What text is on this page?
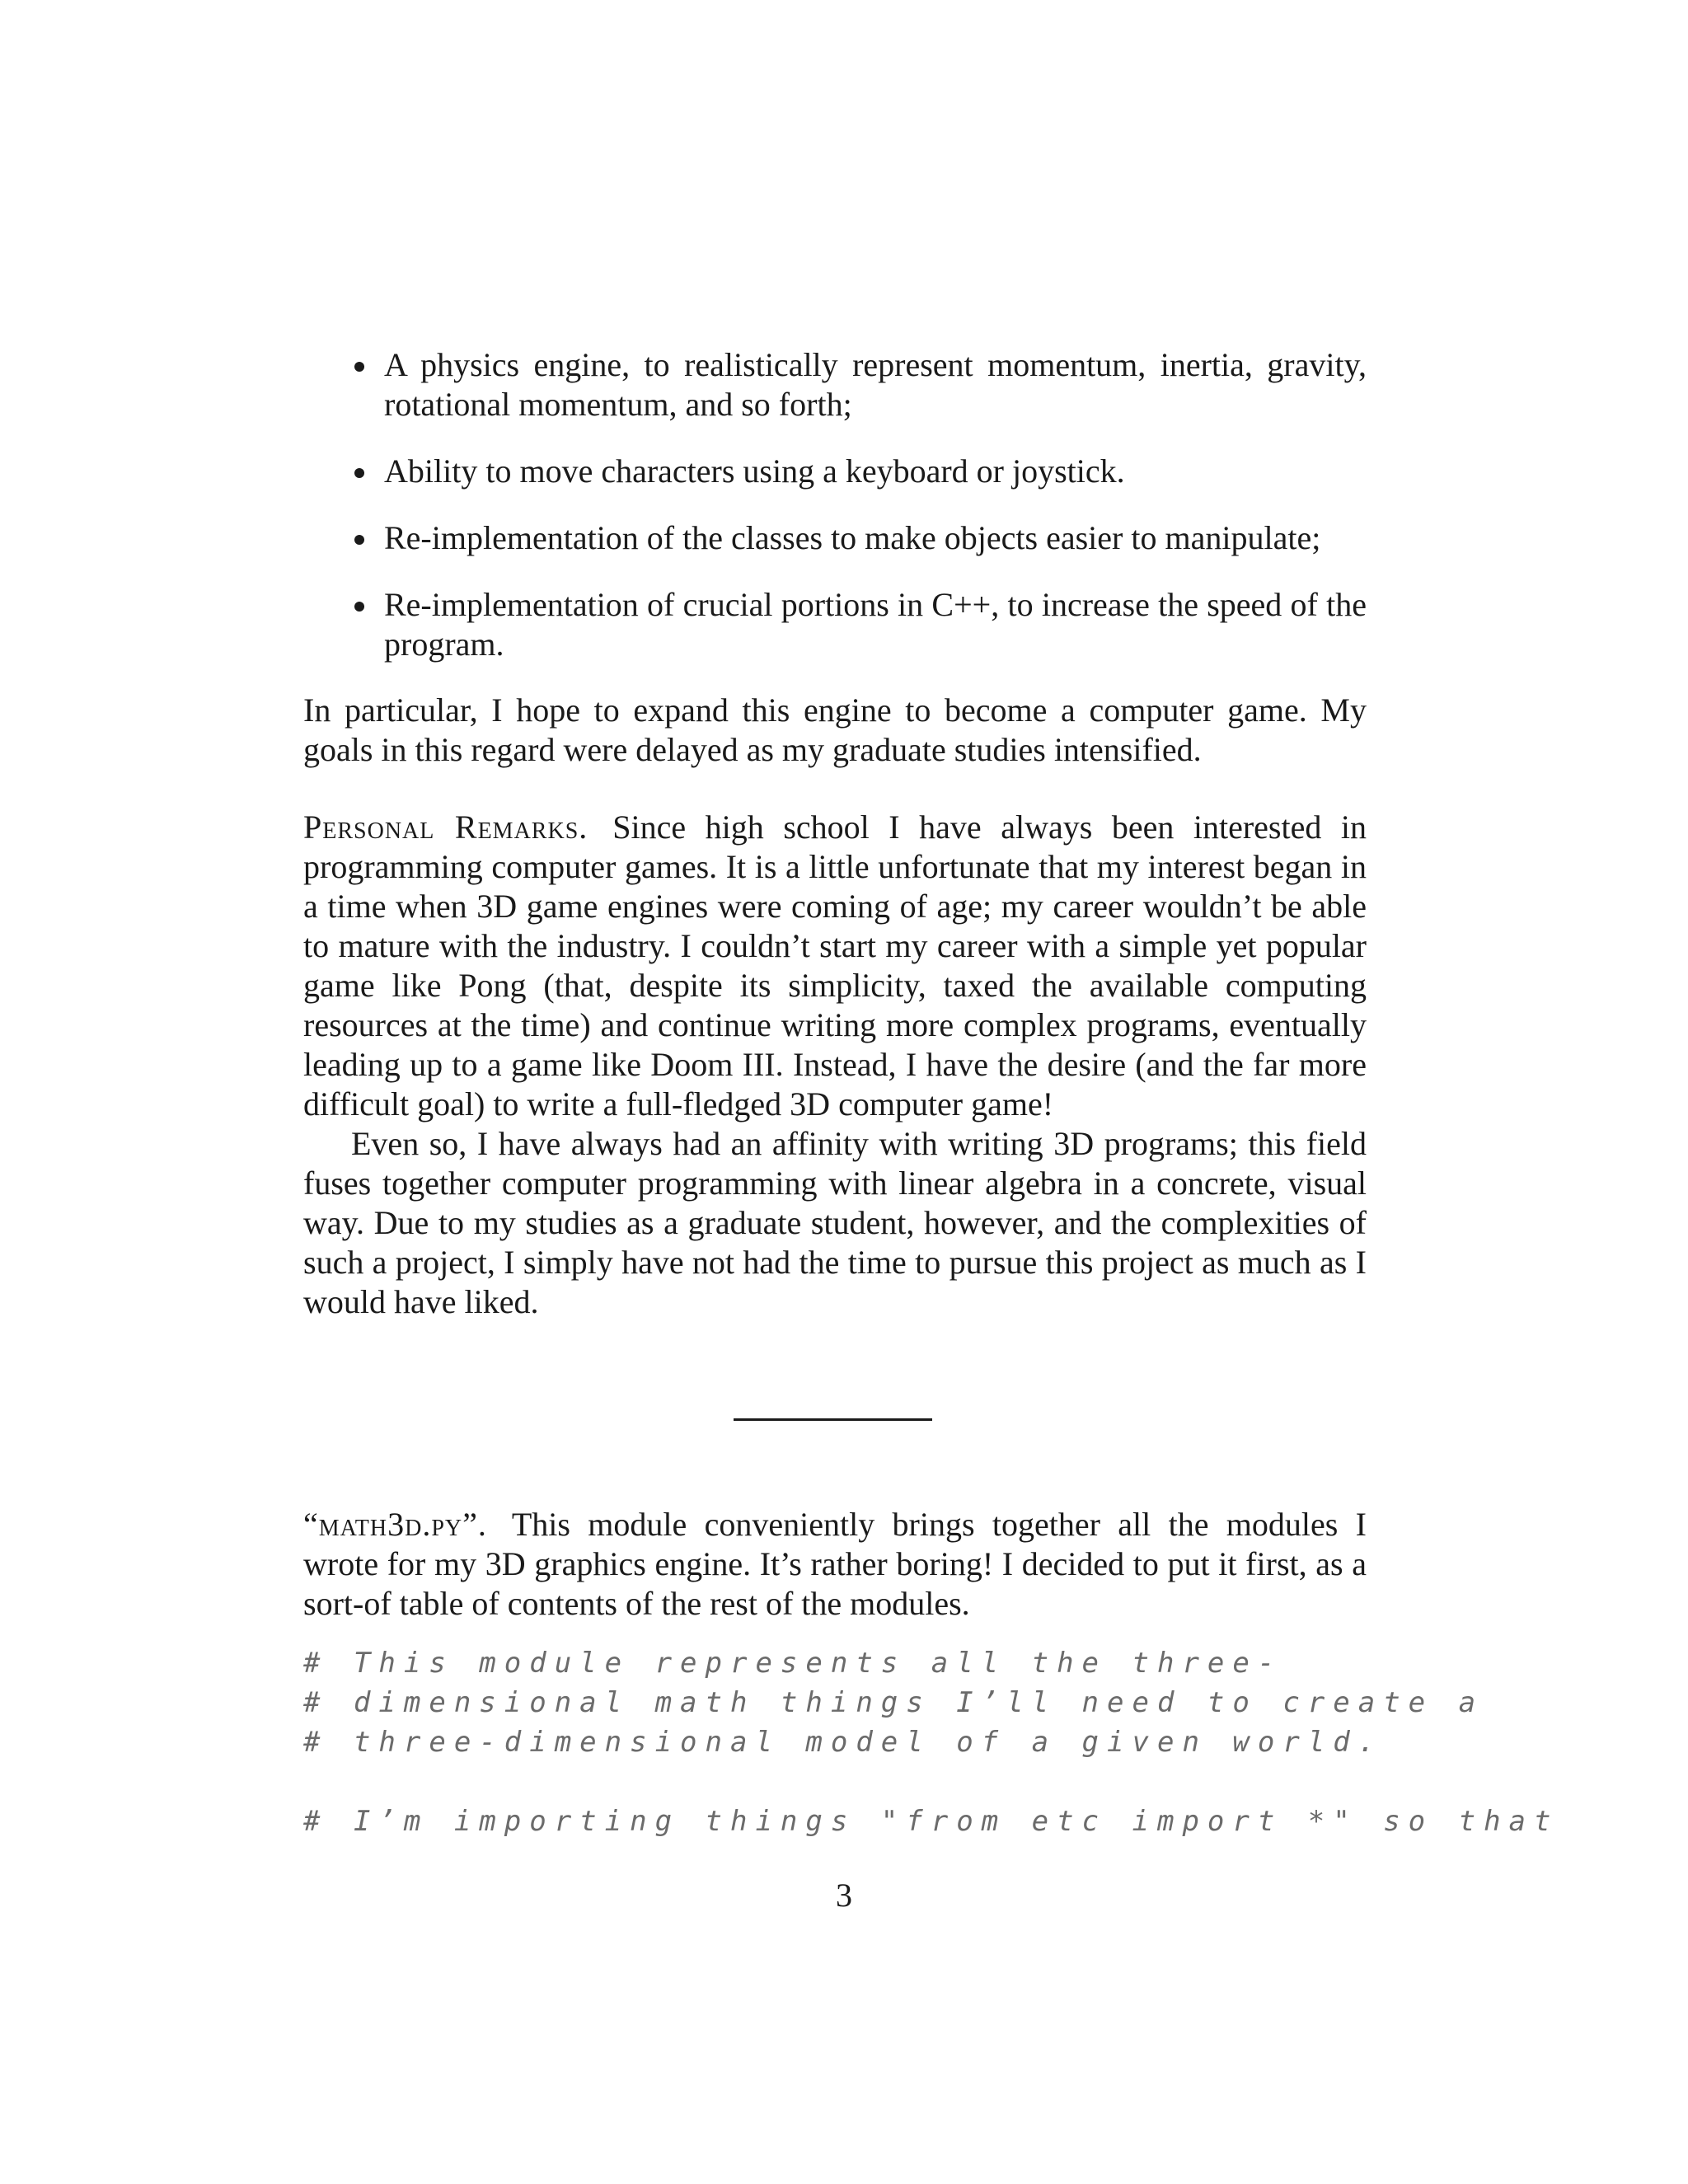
A physics engine, to realistically represent momentum, inertia, gravity, rotational momentum, and so forth;
Ability to move characters using a keyboard or joystick.
Re-implementation of the classes to make objects easier to manipulate;
Re-implementation of crucial portions in C++, to increase the speed of the program.

In particular, I hope to expand this engine to become a computer game. My goals in this regard were delayed as my graduate studies intensified.

Personal Remarks. Since high school I have always been interested in programming computer games. It is a little unfortunate that my interest began in a time when 3D game engines were coming of age; my career wouldn’t be able to mature with the industry. I couldn’t start my career with a simple yet popular game like Pong (that, despite its simplicity, taxed the available computing resources at the time) and continue writing more complex programs, eventually leading up to a game like Doom III. Instead, I have the desire (and the far more difficult goal) to write a full-fledged 3D computer game!

Even so, I have always had an affinity with writing 3D programs; this field fuses together computer programming with linear algebra in a concrete, visual way. Due to my studies as a graduate student, however, and the complexities of such a project, I simply have not had the time to pursue this project as much as I would have liked.

“math3d.py”. This module conveniently brings together all the modules I wrote for my 3D graphics engine. It’s rather boring! I decided to put it first, as a sort-of table of contents of the rest of the modules.

# This module represents all the three-
# dimensional math things I’ll need to create a
# three-dimensional model of a given world.
# I’m importing things "from etc import *" so that
3
